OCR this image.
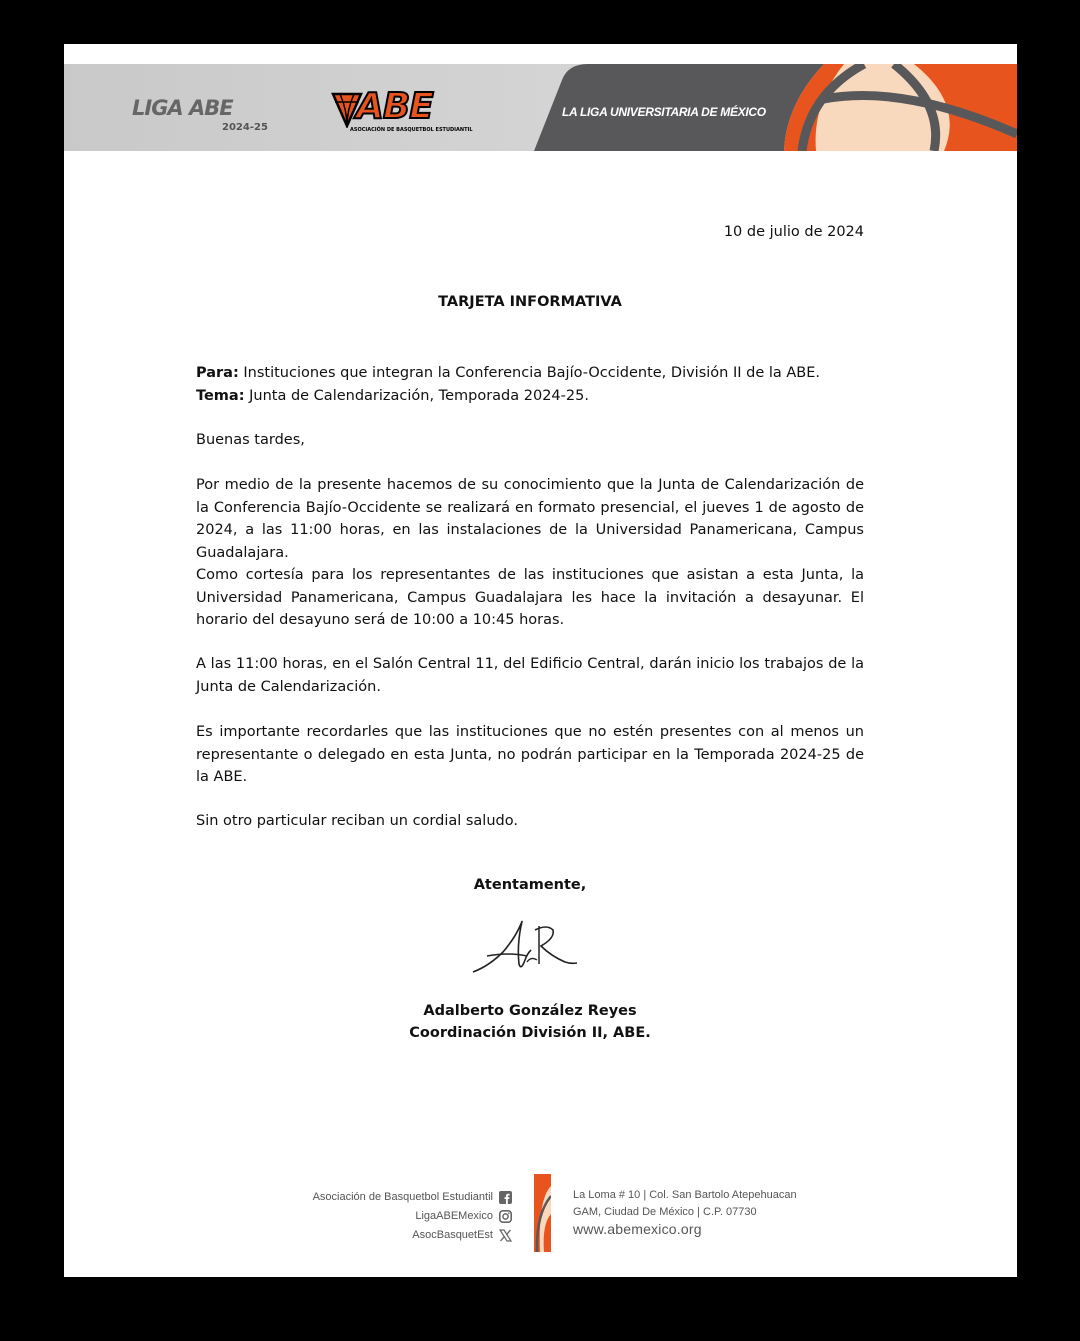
LIGA ABE
2024-25
ABE
ASOCIACIÓN DE BASQUETBOL ESTUDIANTIL
LA LIGA UNIVERSITARIA DE MÉXICO
10 de julio de 2024
TARJETA INFORMATIVA

Para: Instituciones que integran la Conferencia Bajío-Occidente, División II de la ABE.

Tema: Junta de Calendarización, Temporada 2024-25.

Buenas tardes,

Por medio de la presente hacemos de su conocimiento que la Junta de Calendarización de la Conferencia Bajío-Occidente se realizará en formato presencial, el jueves 1 de agosto de 2024, a las 11:00 horas, en las instalaciones de la Universidad Panamericana, Campus Guadalajara.

Como cortesía para los representantes de las instituciones que asistan a esta Junta, la Universidad Panamericana, Campus Guadalajara les hace la invitación a desayunar. El horario del desayuno será de 10:00 a 10:45 horas.

A las 11:00 horas, en el Salón Central 11, del Edificio Central, darán inicio los trabajos de la Junta de Calendarización.

Es importante recordarles que las instituciones que no estén presentes con al menos un representante o delegado en esta Junta, no podrán participar en la Temporada 2024-25 de la ABE.

Sin otro particular reciban un cordial saludo.
Atentamente,
Adalberto González Reyes
Coordinación División II, ABE.
Asociación de Basquetbol Estudiantil
LigaABEMexico
AsocBasquetEst
La Loma # 10 | Col. San Bartolo Atepehuacan
GAM, Ciudad De México | C.P. 07730
www.abemexico.org
